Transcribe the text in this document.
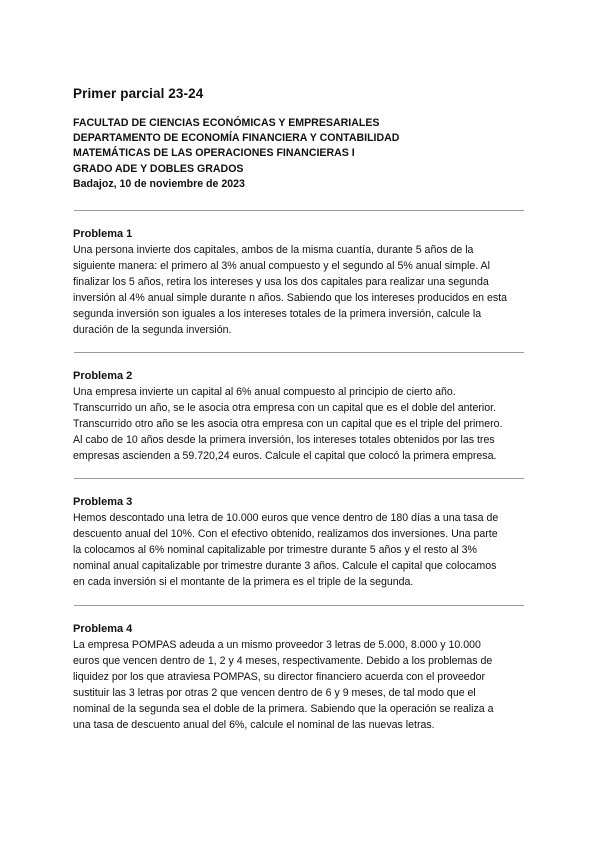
Primer parcial 23-24
FACULTAD DE CIENCIAS ECONÓMICAS Y EMPRESARIALES
DEPARTAMENTO DE ECONOMÍA FINANCIERA Y CONTABILIDAD
MATEMÁTICAS DE LAS OPERACIONES FINANCIERAS I
GRADO ADE Y DOBLES GRADOS
Badajoz, 10 de noviembre de 2023
Problema 1
Una persona invierte dos capitales, ambos de la misma cuantía, durante 5 años de la
siguiente manera: el primero al 3% anual compuesto y el segundo al 5% anual simple. Al
finalizar los 5 años, retira los intereses y usa los dos capitales para realizar una segunda
inversión al 4% anual simple durante n años. Sabiendo que los intereses producidos en esta
segunda inversión son iguales a los intereses totales de la primera inversión, calcule la
duración de la segunda inversión.
Problema 2
Una empresa invierte un capital al 6% anual compuesto al principio de cierto año.
Transcurrido un año, se le asocia otra empresa con un capital que es el doble del anterior.
Transcurrido otro año se les asocia otra empresa con un capital que es el triple del primero.
Al cabo de 10 años desde la primera inversión, los intereses totales obtenidos por las tres
empresas ascienden a 59.720,24 euros. Calcule el capital que colocó la primera empresa.
Problema 3
Hemos descontado una letra de 10.000 euros que vence dentro de 180 días a una tasa de
descuento anual del 10%. Con el efectivo obtenido, realizamos dos inversiones. Una parte
la colocamos al 6% nominal capitalizable por trimestre durante 5 años y el resto al 3%
nominal anual capitalizable por trimestre durante 3 años. Calcule el capital que colocamos
en cada inversión si el montante de la primera es el triple de la segunda.
Problema 4
La empresa POMPAS adeuda a un mismo proveedor 3 letras de 5.000, 8.000 y 10.000
euros que vencen dentro de 1, 2 y 4 meses, respectivamente. Debido a los problemas de
liquidez por los que atraviesa POMPAS, su director financiero acuerda con el proveedor
sustituir las 3 letras por otras 2 que vencen dentro de 6 y 9 meses, de tal modo que el
nominal de la segunda sea el doble de la primera. Sabiendo que la operación se realiza a
una tasa de descuento anual del 6%, calcule el nominal de las nuevas letras.
